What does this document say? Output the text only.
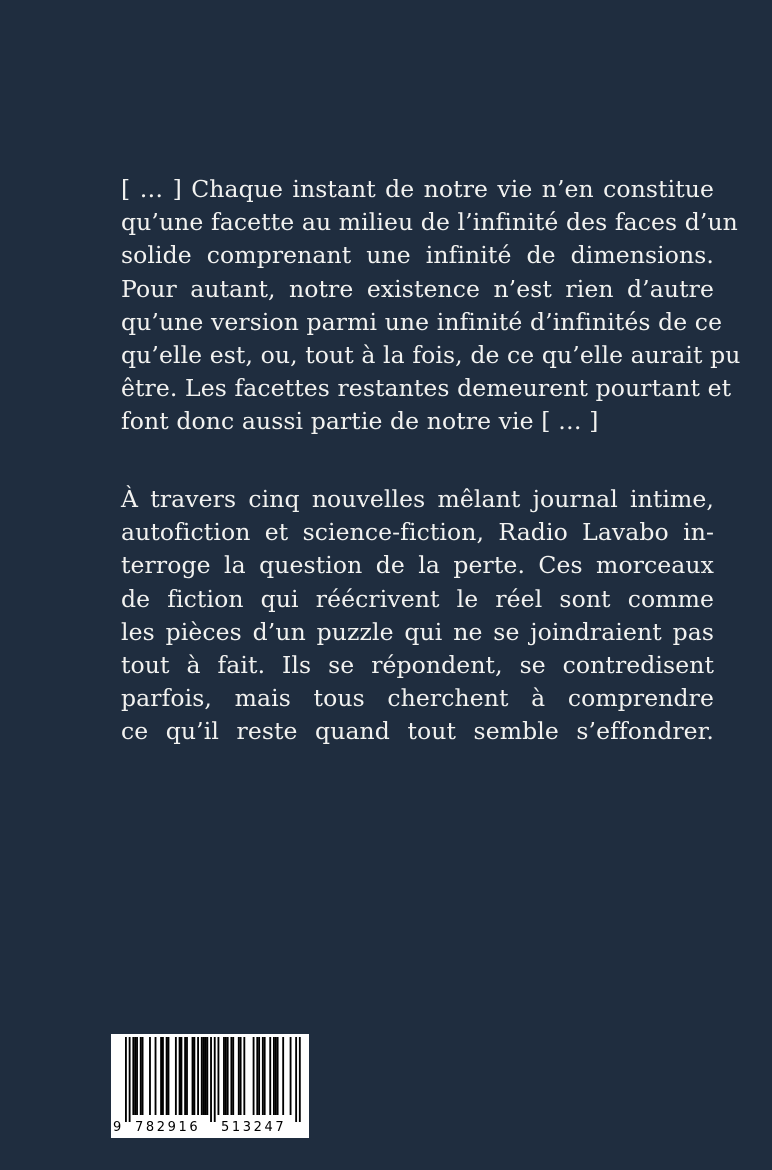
[ … ] Chaque instant de notre vie n’en constitue
qu’une facette au milieu de l’infinité des faces d’un
solide comprenant une infinité de dimensions.
Pour autant, notre existence n’est rien d’autre
qu’une version parmi une infinité d’infinités de ce
qu’elle est, ou, tout à la fois, de ce qu’elle aurait pu
être. Les facettes restantes demeurent pourtant et
font donc aussi partie de notre vie [ … ]
À travers cinq nouvelles mêlant journal intime,
autofiction et science-fiction, Radio Lavabo in-
terroge la question de la perte. Ces morceaux
de fiction qui réécrivent le réel sont comme
les pièces d’un puzzle qui ne se joindraient pas
tout à fait. Ils se répondent, se contredisent
parfois, mais tous cherchent à comprendre
ce qu’il reste quand tout semble s’effondrer.
9 782916 513247
